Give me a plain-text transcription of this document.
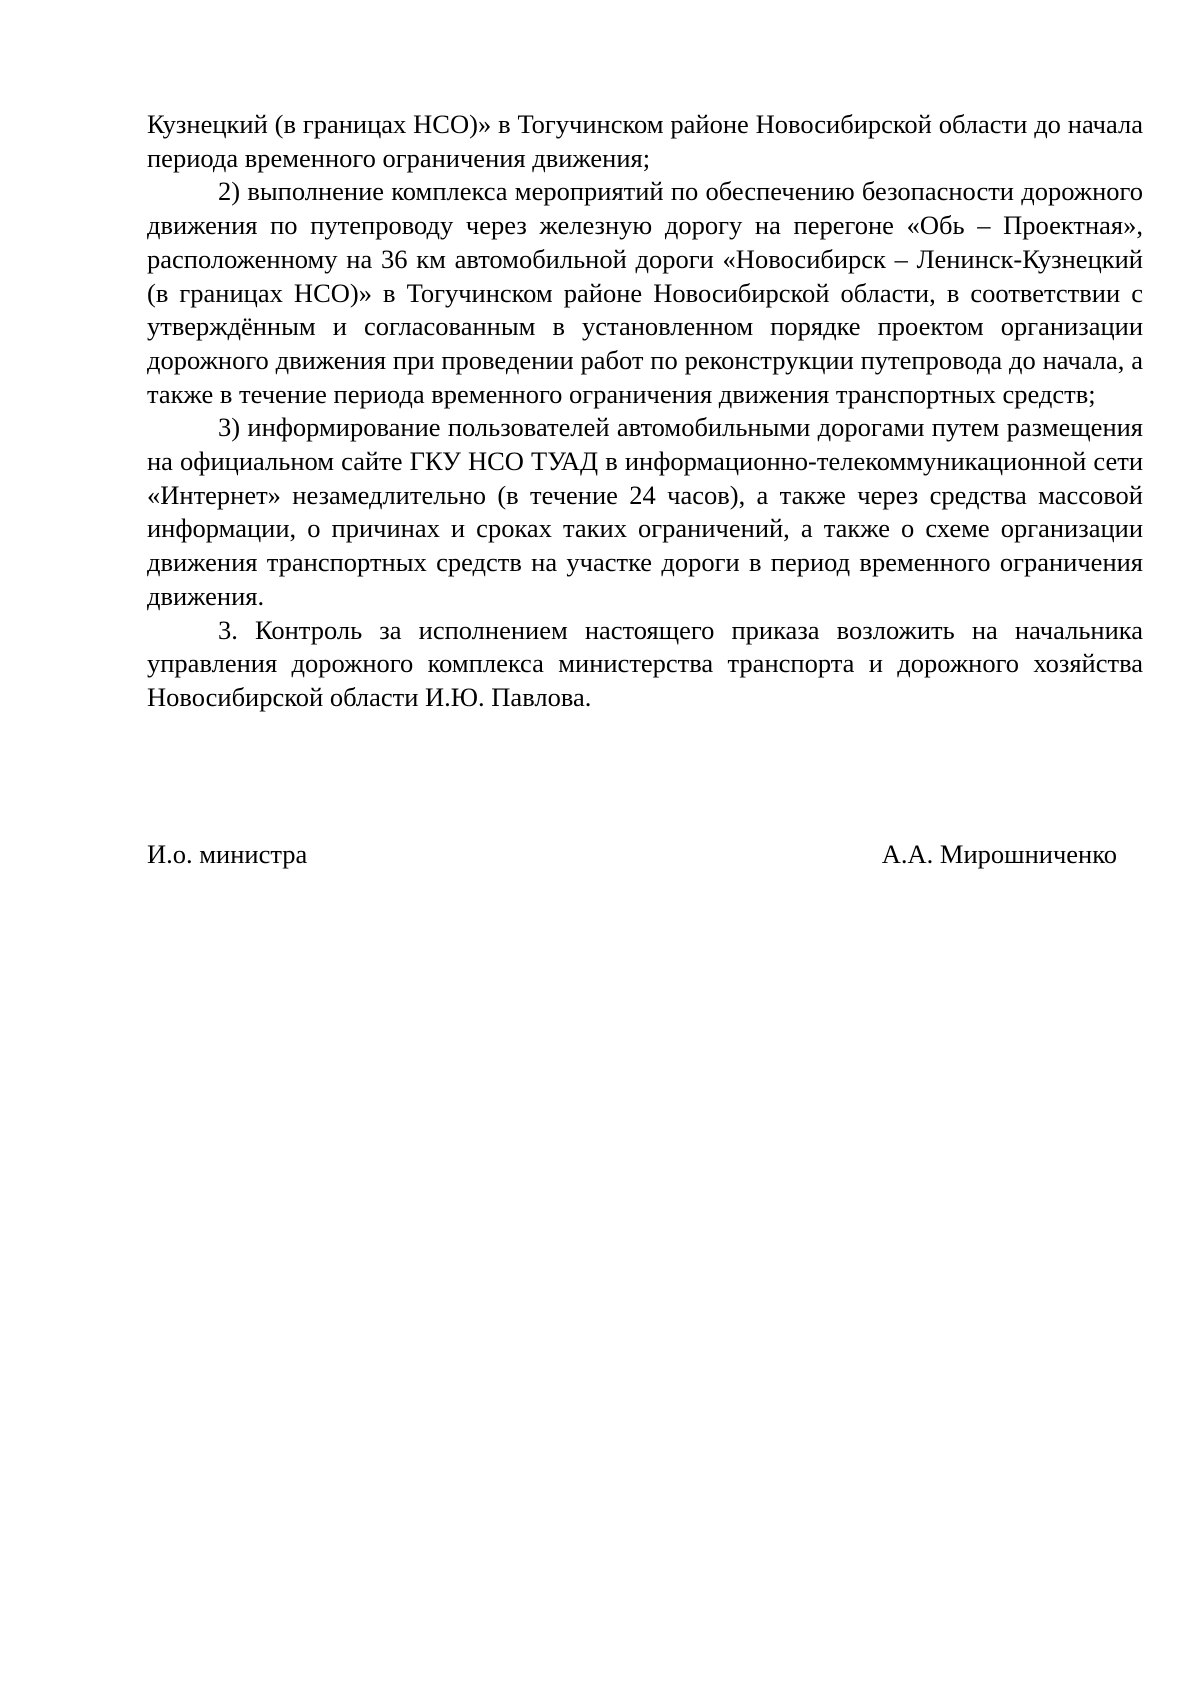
Кузнецкий (в границах НСО)» в Тогучинском районе Новосибирской области до начала периода временного ограничения движения;

2) выполнение комплекса мероприятий по обеспечению безопасности дорожного движения по путепроводу через железную дорогу на перегоне «Обь – Проектная», расположенному на 36 км автомобильной дороги «Новосибирск – Ленинск-Кузнецкий (в границах НСО)» в Тогучинском районе Новосибирской области, в соответствии с утверждённым и согласованным в установленном порядке проектом организации дорожного движения при проведении работ по реконструкции путепровода до начала, а также в течение периода временного ограничения движения транспортных средств;

3) информирование пользователей автомобильными дорогами путем размещения на официальном сайте ГКУ НСО ТУАД в информационно-телекоммуникационной сети «Интернет» незамедлительно (в течение 24 часов), а также через средства массовой информации, о причинах и сроках таких ограничений, а также о схеме организации движения транспортных средств на участке дороги в период временного ограничения движения.

3. Контроль за исполнением настоящего приказа возложить на начальника управления дорожного комплекса министерства транспорта и дорожного хозяйства Новосибирской области И.Ю. Павлова.

И.о. министра	А.А. Мирошниченко
